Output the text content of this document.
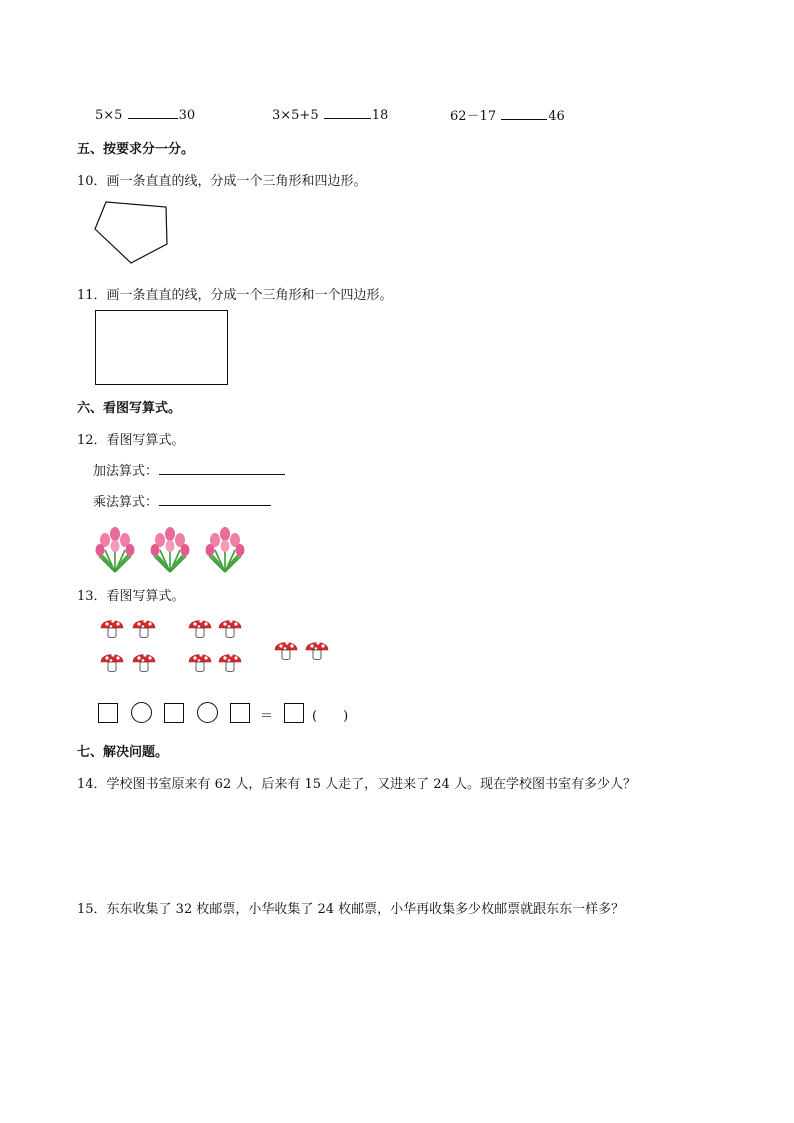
5×5	30	3×5+5	18	62－17	46
五、按要求分一分。
10．画一条直直的线，分成一个三角形和四边形。
11．画一条直直的线，分成一个三角形和一个四边形。
六、看图写算式。
12．看图写算式。
加法算式：
乘法算式：
13．看图写算式。
＝	(　　)
七、解决问题。
14．学校图书室原来有 62 人，后来有 15 人走了，又进来了 24 人。现在学校图书室有多少人？
15．东东收集了 32 枚邮票，小华收集了 24 枚邮票，小华再收集多少枚邮票就跟东东一样多？
